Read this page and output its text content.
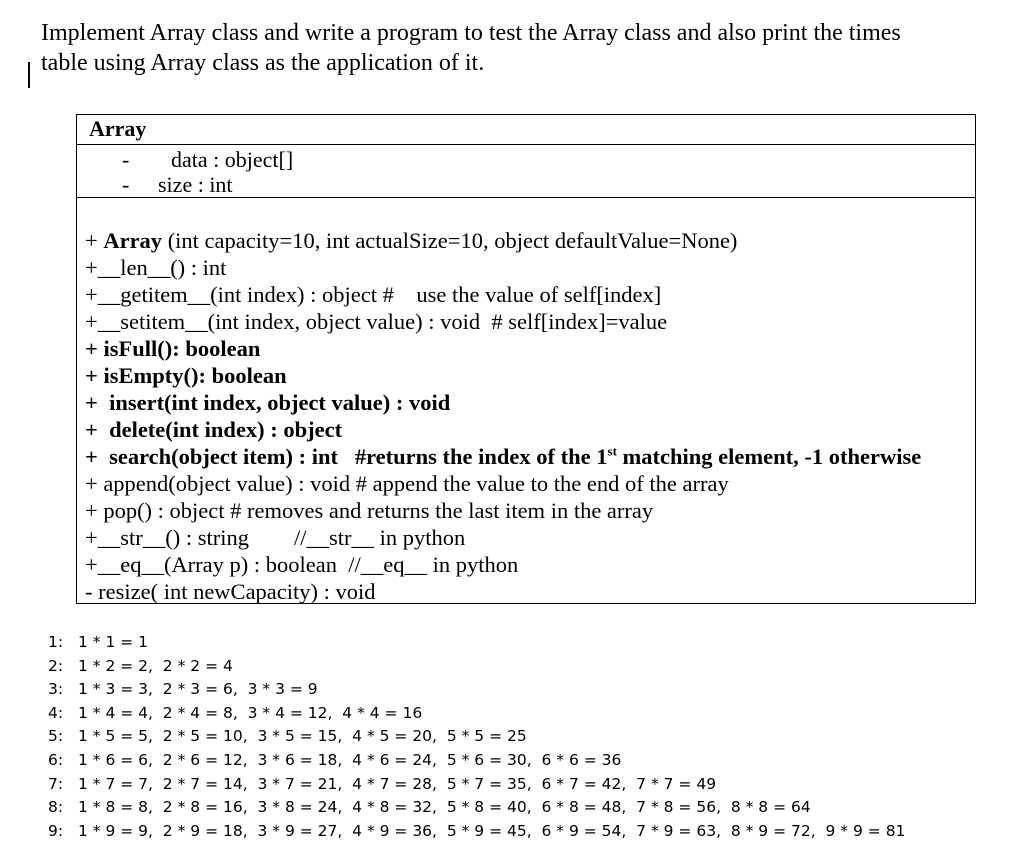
Implement Array class and write a program to test the Array class and also print the times
table using Array class as the application of it.
Array
- data : object[]
- size : int
+ Array (int capacity=10, int actualSize=10, object defaultValue=None)
+__len__() : int
+__getitem__(int index) : object #    use the value of self[index]
+__setitem__(int index, object value) : void  # self[index]=value
+ isFull(): boolean
+ isEmpty(): boolean
+  insert(int index, object value) : void
+  delete(int index) : object
+  search(object item) : int   #returns the index of the 1st matching element, -1 otherwise
+ append(object value) : void # append the value to the end of the array
+ pop() : object # removes and returns the last item in the array
+__str__() : string        //__str__ in python
+__eq__(Array p) : boolean  //__eq__ in python
- resize( int newCapacity) : void
1: 1 * 1 = 1
2: 1 * 2 = 2,  2 * 2 = 4
3: 1 * 3 = 3,  2 * 3 = 6,  3 * 3 = 9
4: 1 * 4 = 4,  2 * 4 = 8,  3 * 4 = 12,  4 * 4 = 16
5: 1 * 5 = 5,  2 * 5 = 10,  3 * 5 = 15,  4 * 5 = 20,  5 * 5 = 25
6: 1 * 6 = 6,  2 * 6 = 12,  3 * 6 = 18,  4 * 6 = 24,  5 * 6 = 30,  6 * 6 = 36
7: 1 * 7 = 7,  2 * 7 = 14,  3 * 7 = 21,  4 * 7 = 28,  5 * 7 = 35,  6 * 7 = 42,  7 * 7 = 49
8: 1 * 8 = 8,  2 * 8 = 16,  3 * 8 = 24,  4 * 8 = 32,  5 * 8 = 40,  6 * 8 = 48,  7 * 8 = 56,  8 * 8 = 64
9: 1 * 9 = 9,  2 * 9 = 18,  3 * 9 = 27,  4 * 9 = 36,  5 * 9 = 45,  6 * 9 = 54,  7 * 9 = 63,  8 * 9 = 72,  9 * 9 = 81
